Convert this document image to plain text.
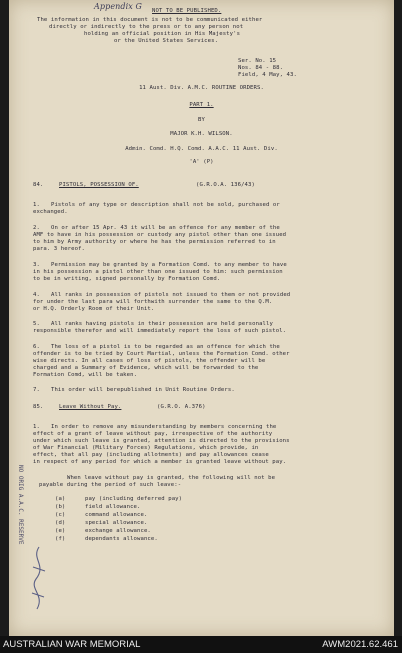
Appendix G NOT TO BE PUBLISHED.
The information in this document is not to be communicated either
directly or indirectly to the press or to any person not
holding an official position in His Majesty's
or the United States Services.
Ser. No. 15
Nos. 84 - 88.
Field, 4 May, 43.
11 Aust. Div. A.M.C. ROUTINE ORDERS.
PART 1.
BY
MAJOR K.H. WILSON.
Admin. Comd. H.Q. Comd. A.A.C. 11 Aust. Div.
'A' (P)
84.	PISTOLS, POSSESSION OF.	(G.R.O.A. 136/43)
1. Pistols of any type or description shall not be sold, purchased or
exchanged.
2. On or after 15 Apr. 43 it will be an offence for any member of the
AMF to have in his possession or custody any pistol other than one issued
to him by Army authority or where he has the permission referred to in
para. 3 hereof.
3. Permission may be granted by a Formation Comd. to any member to have
in his possession a pistol other than one issued to him: such permission
to be in writing, signed personally by Formation Comd.
4. All ranks in possession of pistols not issued to them or not provided
for under the last para will forthwith surrender the same to the Q.M.
or H.Q. Orderly Room of their Unit.
5. All ranks having pistols in their possession are held personally
responsible therefor and will immediately report the loss of such pistol.
6. The loss of a pistol is to be regarded as an offence for which the
offender is to be tried by Court Martial, unless the Formation Comd. other
wise directs. In all cases of loss of pistols, the offender will be
charged and a Summary of Evidence, which will be forwarded to the
Formation Comd, will be taken.
7. This order will berepublished in Unit Routine Orders.
85.	Leave Without Pay.	(G.R.O. A.376)
1. In order to remove any misunderstanding by members concerning the
effect of a grant of leave without pay, irrespective of the authority
under which such leave is granted, attention is directed to the provisions
of War Financial (Military Forces) Regulations, which provide, in
effect, that all pay (including allotments) and pay allowances cease
in respect of any period for which a member is granted leave without pay.
When leave without pay is granted, the following will not be
payable during the period of such leave:-
(a)	pay (including deferred pay)
(b)	field allowance.
(c)	command allowance.
(d)	special allowance.
(e)	exchange allowance.
(f)	dependants allowance.
NO ORIG A.A.C. RESERVE
AUSTRALIAN WAR MEMORIAL	AWM2021.62.461
